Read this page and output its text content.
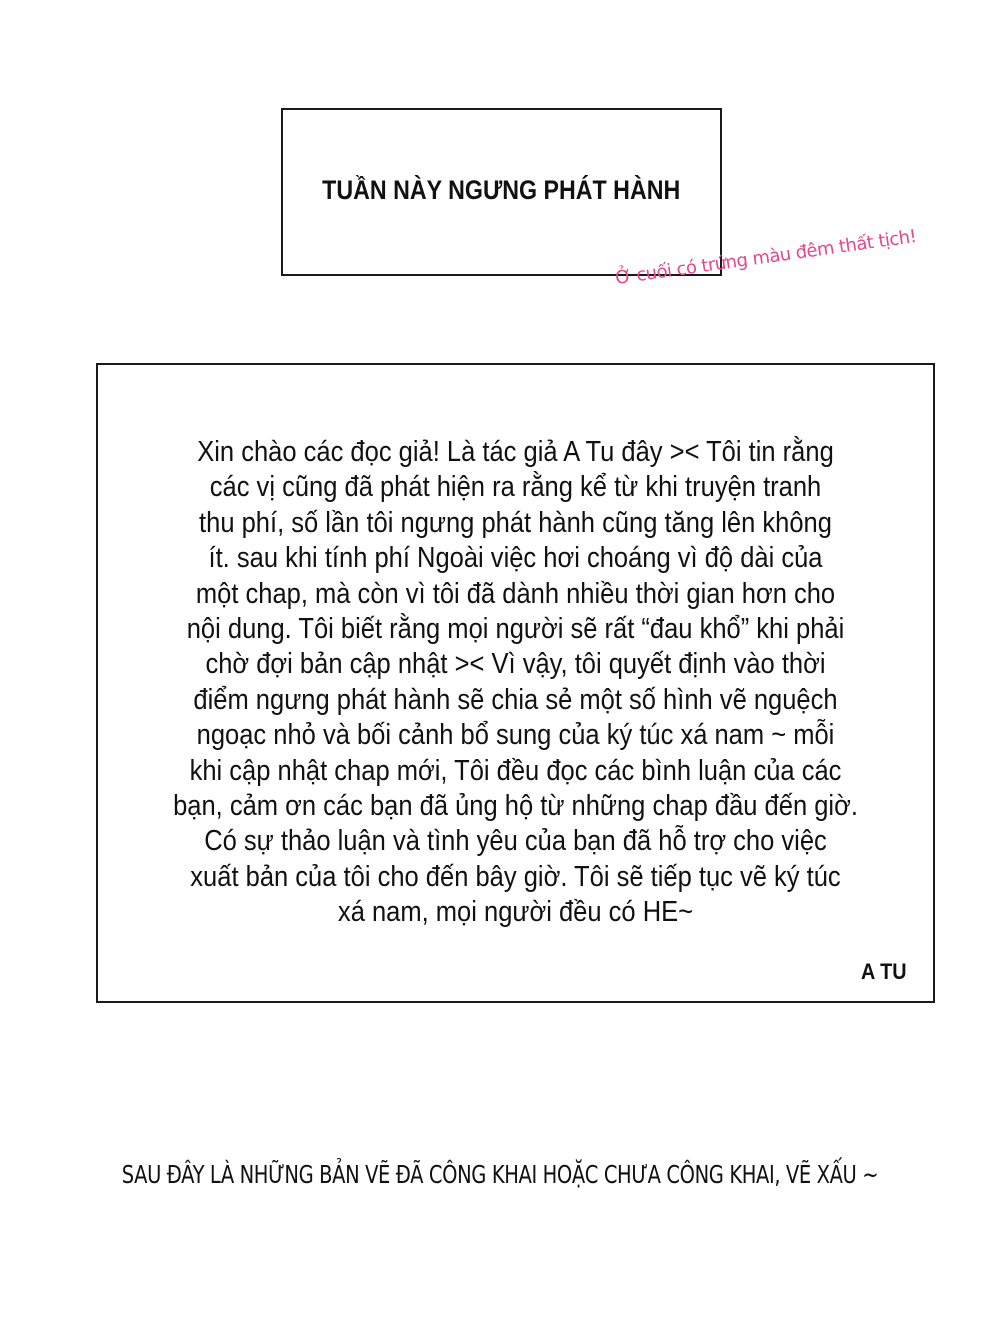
TUẦN NÀY NGƯNG PHÁT HÀNH
Ở cuối có trứng màu đêm thất tịch!
Xin chào các đọc giả! Là tác giả A Tu đây >< Tôi tin rằng
các vị cũng đã phát hiện ra rằng kể từ khi truyện tranh
thu phí, số lần tôi ngưng phát hành cũng tăng lên không
ít. sau khi tính phí Ngoài việc hơi choáng vì độ dài của
một chap, mà còn vì tôi đã dành nhiều thời gian hơn cho
nội dung. Tôi biết rằng mọi người sẽ rất “đau khổ” khi phải
chờ đợi bản cập nhật >< Vì vậy, tôi quyết định vào thời
điểm ngưng phát hành sẽ chia sẻ một số hình vẽ nguệch
ngoạc nhỏ và bối cảnh bổ sung của ký túc xá nam ~ mỗi
khi cập nhật chap mới, Tôi đều đọc các bình luận của các
bạn, cảm ơn các bạn đã ủng hộ từ những chap đầu đến giờ.
Có sự thảo luận và tình yêu của bạn đã hỗ trợ cho việc
xuất bản của tôi cho đến bây giờ. Tôi sẽ tiếp tục vẽ ký túc
xá nam, mọi người đều có HE~
A TU
SAU ĐÂY LÀ NHỮNG BẢN VẼ ĐÃ CÔNG KHAI HOẶC CHƯA CÔNG KHAI, VẼ XẤU ~
